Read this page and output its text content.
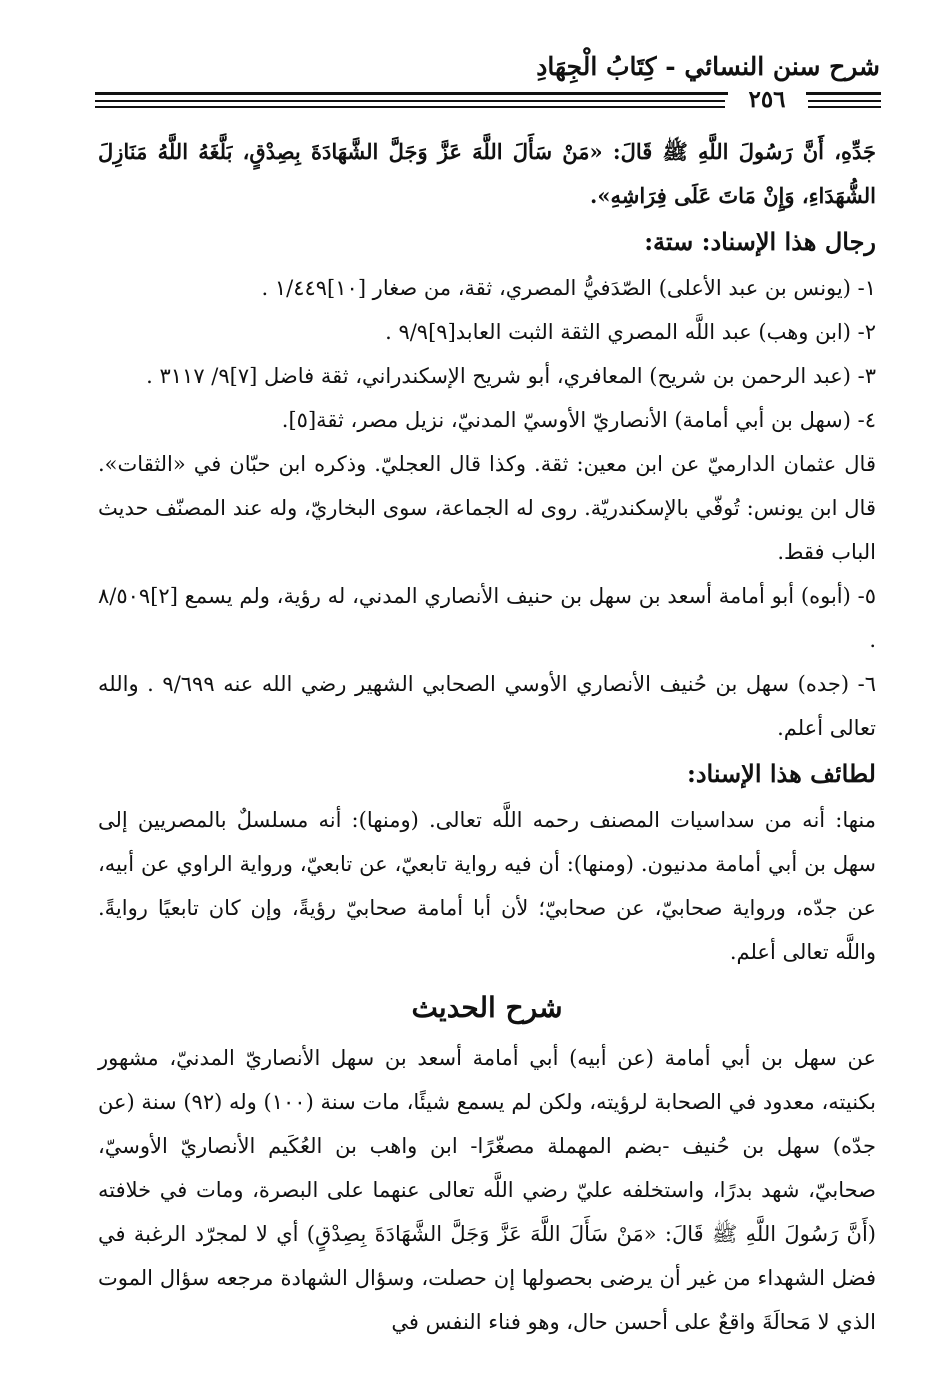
شرح سنن النسائي - كِتَابُ الْجِهَادِ
٢٥٦

جَدِّهِ، أَنَّ رَسُولَ اللَّهِ ﷺ قَالَ: «مَنْ سَأَلَ اللَّهَ عَزَّ وَجَلَّ الشَّهَادَةَ بِصِدْقٍ، بَلَّغَهُ اللَّهُ مَنَازِلَ الشُّهَدَاءِ، وَإِنْ مَاتَ عَلَى فِرَاشِهِ».

رجال هذا الإسناد: ستة:

١- (يونس بن عبد الأعلى) الصّدَفيُّ المصري، ثقة، من صغار [١٠]١/٤٤٩ .

٢- (ابن وهب) عبد اللَّه المصري الثقة الثبت العابد[٩]٩/٩ .

٣- (عبد الرحمن بن شريح) المعافري، أبو شريح الإسكندراني، ثقة فاضل [٧]٩/ ٣١١٧ .

٤- (سهل بن أبي أمامة) الأنصاريّ الأوسيّ المدنيّ، نزيل مصر، ثقة[٥].

قال عثمان الدارميّ عن ابن معين: ثقة. وكذا قال العجليّ. وذكره ابن حبّان في «الثقات». قال ابن يونس: تُوفّي بالإسكندريّة. روى له الجماعة، سوى البخاريّ، وله عند المصنّف حديث الباب فقط.

٥- (أبوه) أبو أمامة أسعد بن سهل بن حنيف الأنصاري المدني، له رؤية، ولم يسمع [٢]٨/٥٠٩ .

٦- (جده) سهل بن حُنيف الأنصاري الأوسي الصحابي الشهير رضي الله عنه ٩/٦٩٩ . والله تعالى أعلم.

لطائف هذا الإسناد:

منها: أنه من سداسيات المصنف رحمه اللَّه تعالى. (ومنها): أنه مسلسلٌ بالمصريين إلى سهل بن أبي أمامة مدنيون. (ومنها): أن فيه رواية تابعيّ، عن تابعيّ، ورواية الراوي عن أبيه، عن جدّه، ورواية صحابيّ، عن صحابيّ؛ لأن أبا أمامة صحابيّ رؤيةً، وإن كان تابعيًا روايةً. واللَّه تعالى أعلم.

شرح الحديث

عن سهل بن أبي أمامة (عن أبيه) أبي أمامة أسعد بن سهل الأنصاريّ المدنيّ، مشهور بكنيته، معدود في الصحابة لرؤيته، ولكن لم يسمع شيئًا، مات سنة (١٠٠) وله (٩٢) سنة (عن جدّه) سهل بن حُنيف -بضم المهملة مصغّرًا- ابن واهب بن العُكَيم الأنصاريّ الأوسيّ، صحابيّ، شهد بدرًا، واستخلفه عليّ رضي اللَّه تعالى عنهما على البصرة، ومات في خلافته (أَنَّ رَسُولَ اللَّهِ ﷺ قَالَ: «مَنْ سَأَلَ اللَّهَ عَزَّ وَجَلَّ الشَّهَادَةَ بِصِدْقٍ) أي لا لمجرّد الرغبة في فضل الشهداء من غير أن يرضى بحصولها إن حصلت، وسؤال الشهادة مرجعه سؤال الموت الذي لا مَحالَةَ واقعٌ على أحسن حال، وهو فناء النفس في
